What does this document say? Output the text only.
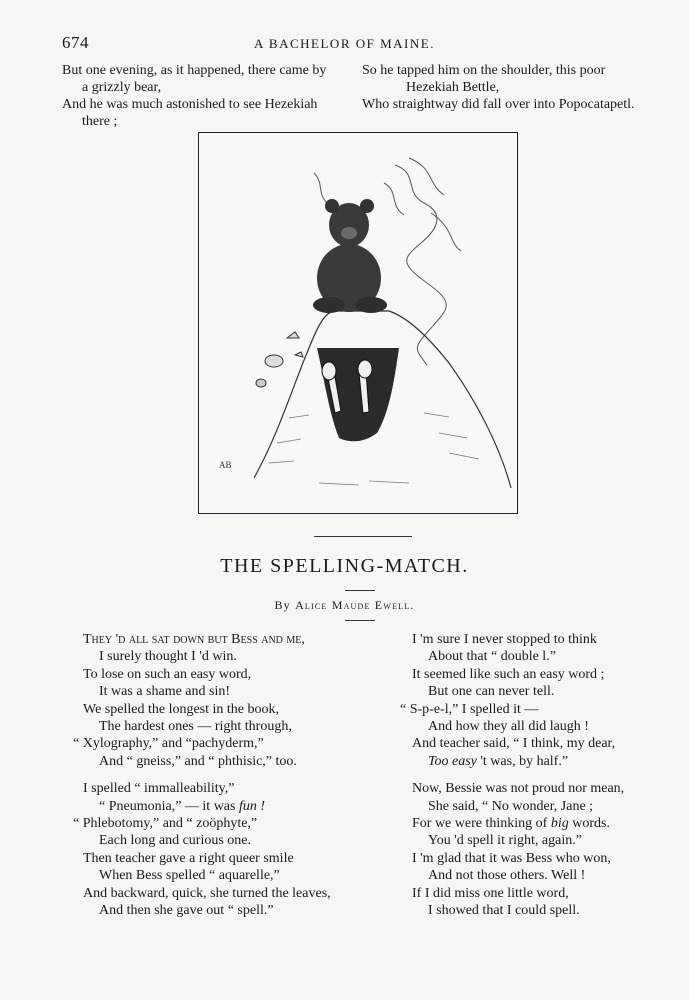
674	A BACHELOR OF MAINE.
But one evening, as it happened, there came by
a grizzly bear,
And he was much astonished to see Hezekiah
there ;
So he tapped him on the shoulder, this poor
Hezekiah Bettle,
Who straightway did fall over into Popocatapetl.
AB
THE SPELLING-MATCH.
By Alice Maude Ewell.
They 'd all sat down but Bess and me,
I surely thought I 'd win.
To lose on such an easy word,
It was a shame and sin!
We spelled the longest in the book,
The hardest ones — right through,
“ Xylography,” and “pachyderm,”
And “ gneiss,” and “ phthisic,” too.
I spelled “ immalleability,”
“ Pneumonia,” — it was fun !
“ Phlebotomy,” and “ zoöphyte,”
Each long and curious one.
Then teacher gave a right queer smile
When Bess spelled “ aquarelle,”
And backward, quick, she turned the leaves,
And then she gave out “ spell.”
I 'm sure I never stopped to think
About that “ double l.”
It seemed like such an easy word ;
But one can never tell.
“ S-p-e-l,” I spelled it —
And how they all did laugh !
And teacher said, “ I think, my dear,
Too easy 't was, by half.”
Now, Bessie was not proud nor mean,
She said, “ No wonder, Jane ;
For we were thinking of big words.
You 'd spell it right, again.”
I 'm glad that it was Bess who won,
And not those others. Well !
If I did miss one little word,
I showed that I could spell.
